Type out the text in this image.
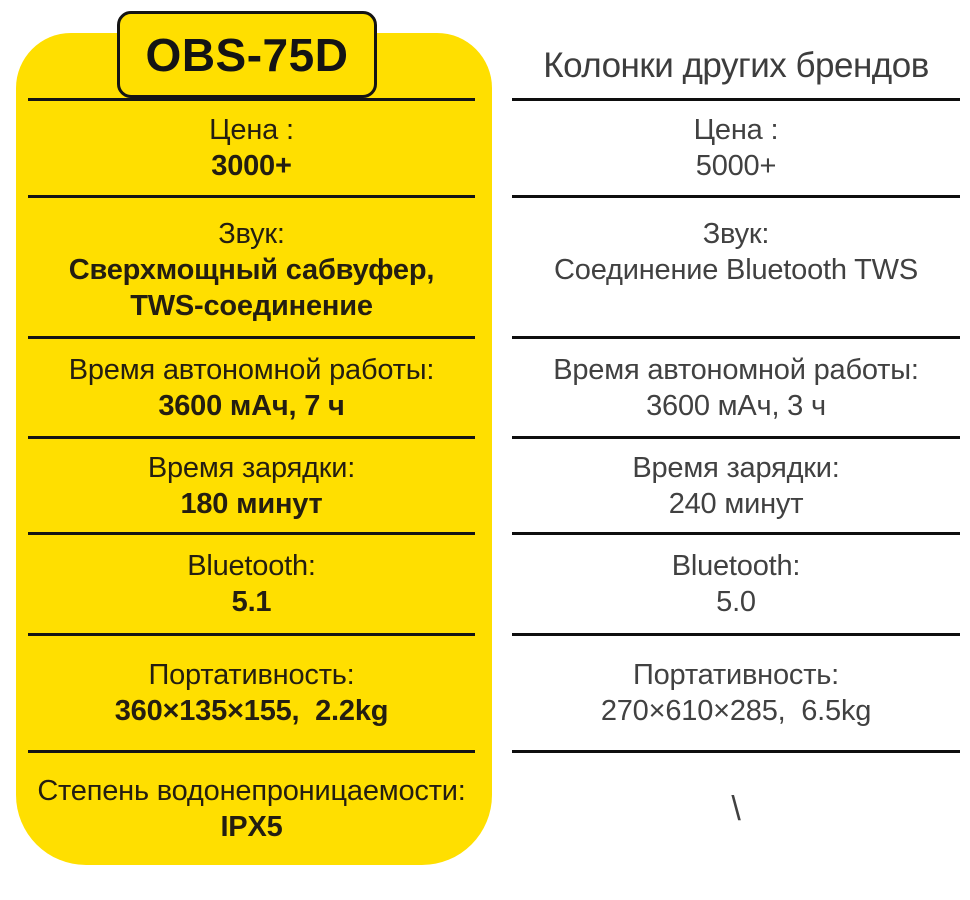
Цена :
3000+
Звук:
Сверхмощный сабвуфер,
TWS-соединение
Время автономной работы:
3600 мАч, 7 ч
Время зарядки:
180 минут
Bluetooth:
5.1
Портативность:
360×135×155,  2.2kg
Степень водонепроницаемости:
IPX5
OBS-75D	Колонки других брендов
Цена :
5000+
Звук:
Соединение Bluetooth TWS
Время автономной работы:
3600 мАч, 3 ч
Время зарядки:
240 минут
Bluetooth:
5.0
Портативность:
270×610×285,  6.5kg
\
